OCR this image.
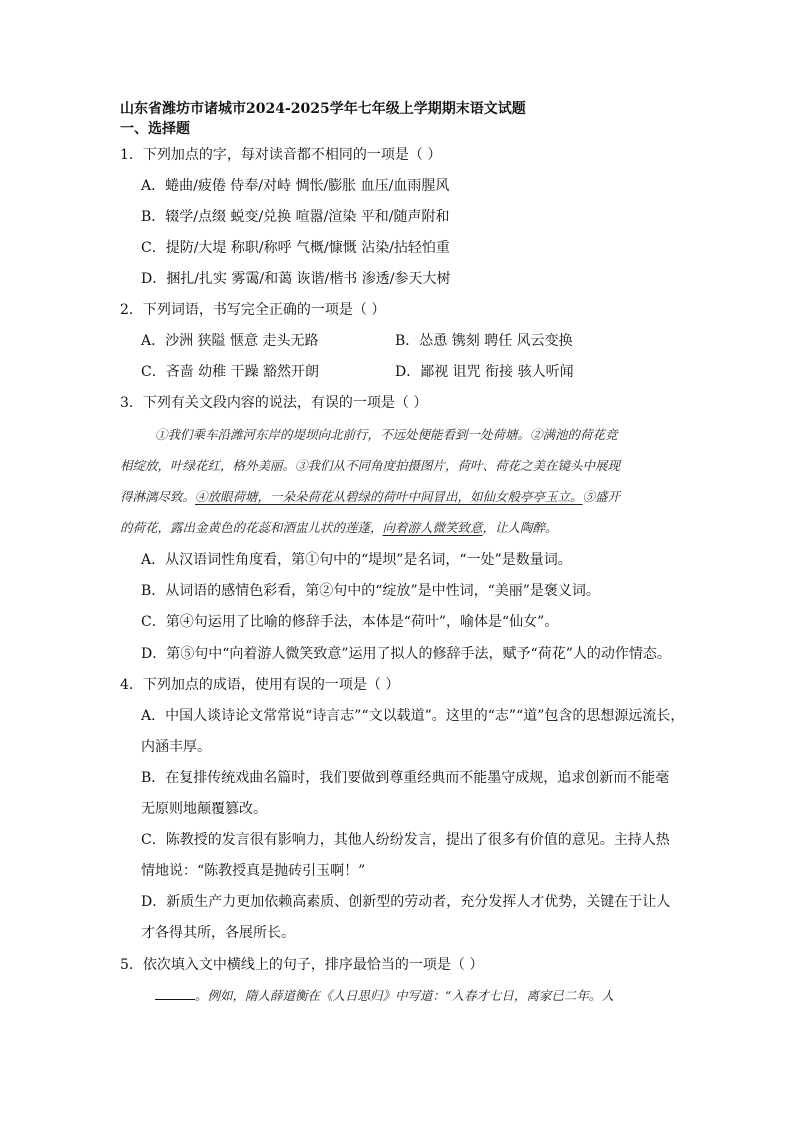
山东省潍坊市诸城市2024-2025学年七年级上学期期末语文试题
一、选择题
1．下列加点的字，每对读音都不相同的一项是（ ）
A．蜷曲/疲倦 侍奉/对峙 惆怅/膨胀 血压/血雨腥风
B．辍学/点缀 蜕变/兑换 喧嚣/渲染 平和/随声附和
C．提防/大堤 称职/称呼 气概/慷慨 沾染/拈轻怕重
D．捆扎/扎实 雾霭/和蔼 诙谐/楷书 渗透/参天大树
2．下列词语，书写完全正确的一项是（ ）
A．沙洲 狭隘 惬意 走头无路	B．怂恿 镌刻 聘任 风云变换
C．吝啬 幼稚 干躁 豁然开朗	D．鄙视 诅咒 衔接 骇人听闻
3．下列有关文段内容的说法，有误的一项是（ ）
①我们乘车沿潍河东岸的堤坝向北前行，不远处便能看到一处荷塘。②满池的荷花竞
相绽放，叶绿花红，格外美丽。③我们从不同角度拍摄图片，荷叶、荷花之美在镜头中展现
得淋漓尽致。④放眼荷塘，一朵朵荷花从碧绿的荷叶中间冒出，如仙女般亭亭玉立。⑤盛开
的荷花，露出金黄色的花蕊和酒盅儿状的莲蓬，向着游人微笑致意，让人陶醉。
A．从汉语词性角度看，第①句中的“堤坝”是名词，“一处”是数量词。
B．从词语的感情色彩看，第②句中的“绽放”是中性词，“美丽”是褒义词。
C．第④句运用了比喻的修辞手法，本体是“荷叶”，喻体是“仙女”。
D．第⑤句中“向着游人微笑致意”运用了拟人的修辞手法，赋予“荷花”人的动作情态。
4．下列加点的成语，使用有误的一项是（ ）
A．中国人谈诗论文常常说“诗言志”“文以载道”。这里的“志”“道”包含的思想源远流长，
内涵丰厚。
B．在复排传统戏曲名篇时，我们要做到尊重经典而不能墨守成规，追求创新而不能毫
无原则地颠覆篡改。
C．陈教授的发言很有影响力，其他人纷纷发言，提出了很多有价值的意见。主持人热
情地说：“陈教授真是抛砖引玉啊！”
D．新质生产力更加依赖高素质、创新型的劳动者，充分发挥人才优势，关键在于让人
才各得其所，各展所长。
5．依次填入文中横线上的句子，排序最恰当的一项是（ ）
。例如，隋人薛道衡在《人日思归》中写道：“入春才七日，离家已二年。人
